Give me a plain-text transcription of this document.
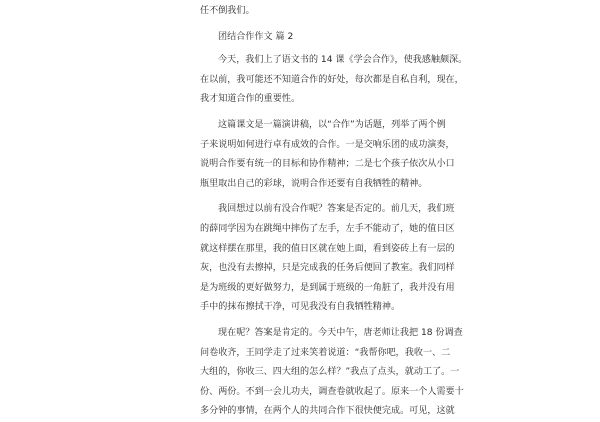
任不倒我们。
团结合作作文 篇 2
今天，我们上了语文书的 14 课《学会合作》，使我感触颇深。
在以前，我可能还不知道合作的好处，每次都是自私自利，现在，
我才知道合作的重要性。
这篇课文是一篇演讲稿，以“合作”为话题，列举了两个例
子来说明如何进行卓有成效的合作。一是交响乐团的成功演奏，
说明合作要有统一的目标和协作精神；二是七个孩子依次从小口
瓶里取出自己的彩球，说明合作还要有自我牺牲的精神。
我回想过以前有没合作呢？答案是否定的。前几天，我们班
的薛同学因为在跳绳中摔伤了左手，左手不能动了，她的值日区
就这样摆在那里，我的值日区就在她上面，看到姿砖上有一层的
灰，也没有去擦掉，只是完成我的任务后便回了教室。我们同样
是为班级的更好做努力，是到属于班级的一角脏了，我并没有用
手中的抹布擦拭干净，可见我没有自我牺牲精神。
现在呢？答案是肯定的。今天中午，唐老师让我把 18 份调查
问卷收齐，王同学走了过来笑着说道：“我帮你吧，我收一、二
大组的，你收三、四大组的怎么样？”我点了点头，就动工了。一
份、两份。不到一会儿功夫，调查卷就收起了。原来一个人需要十
多分钟的事情，在两个人的共同合作下很快便完成。可见，这就
